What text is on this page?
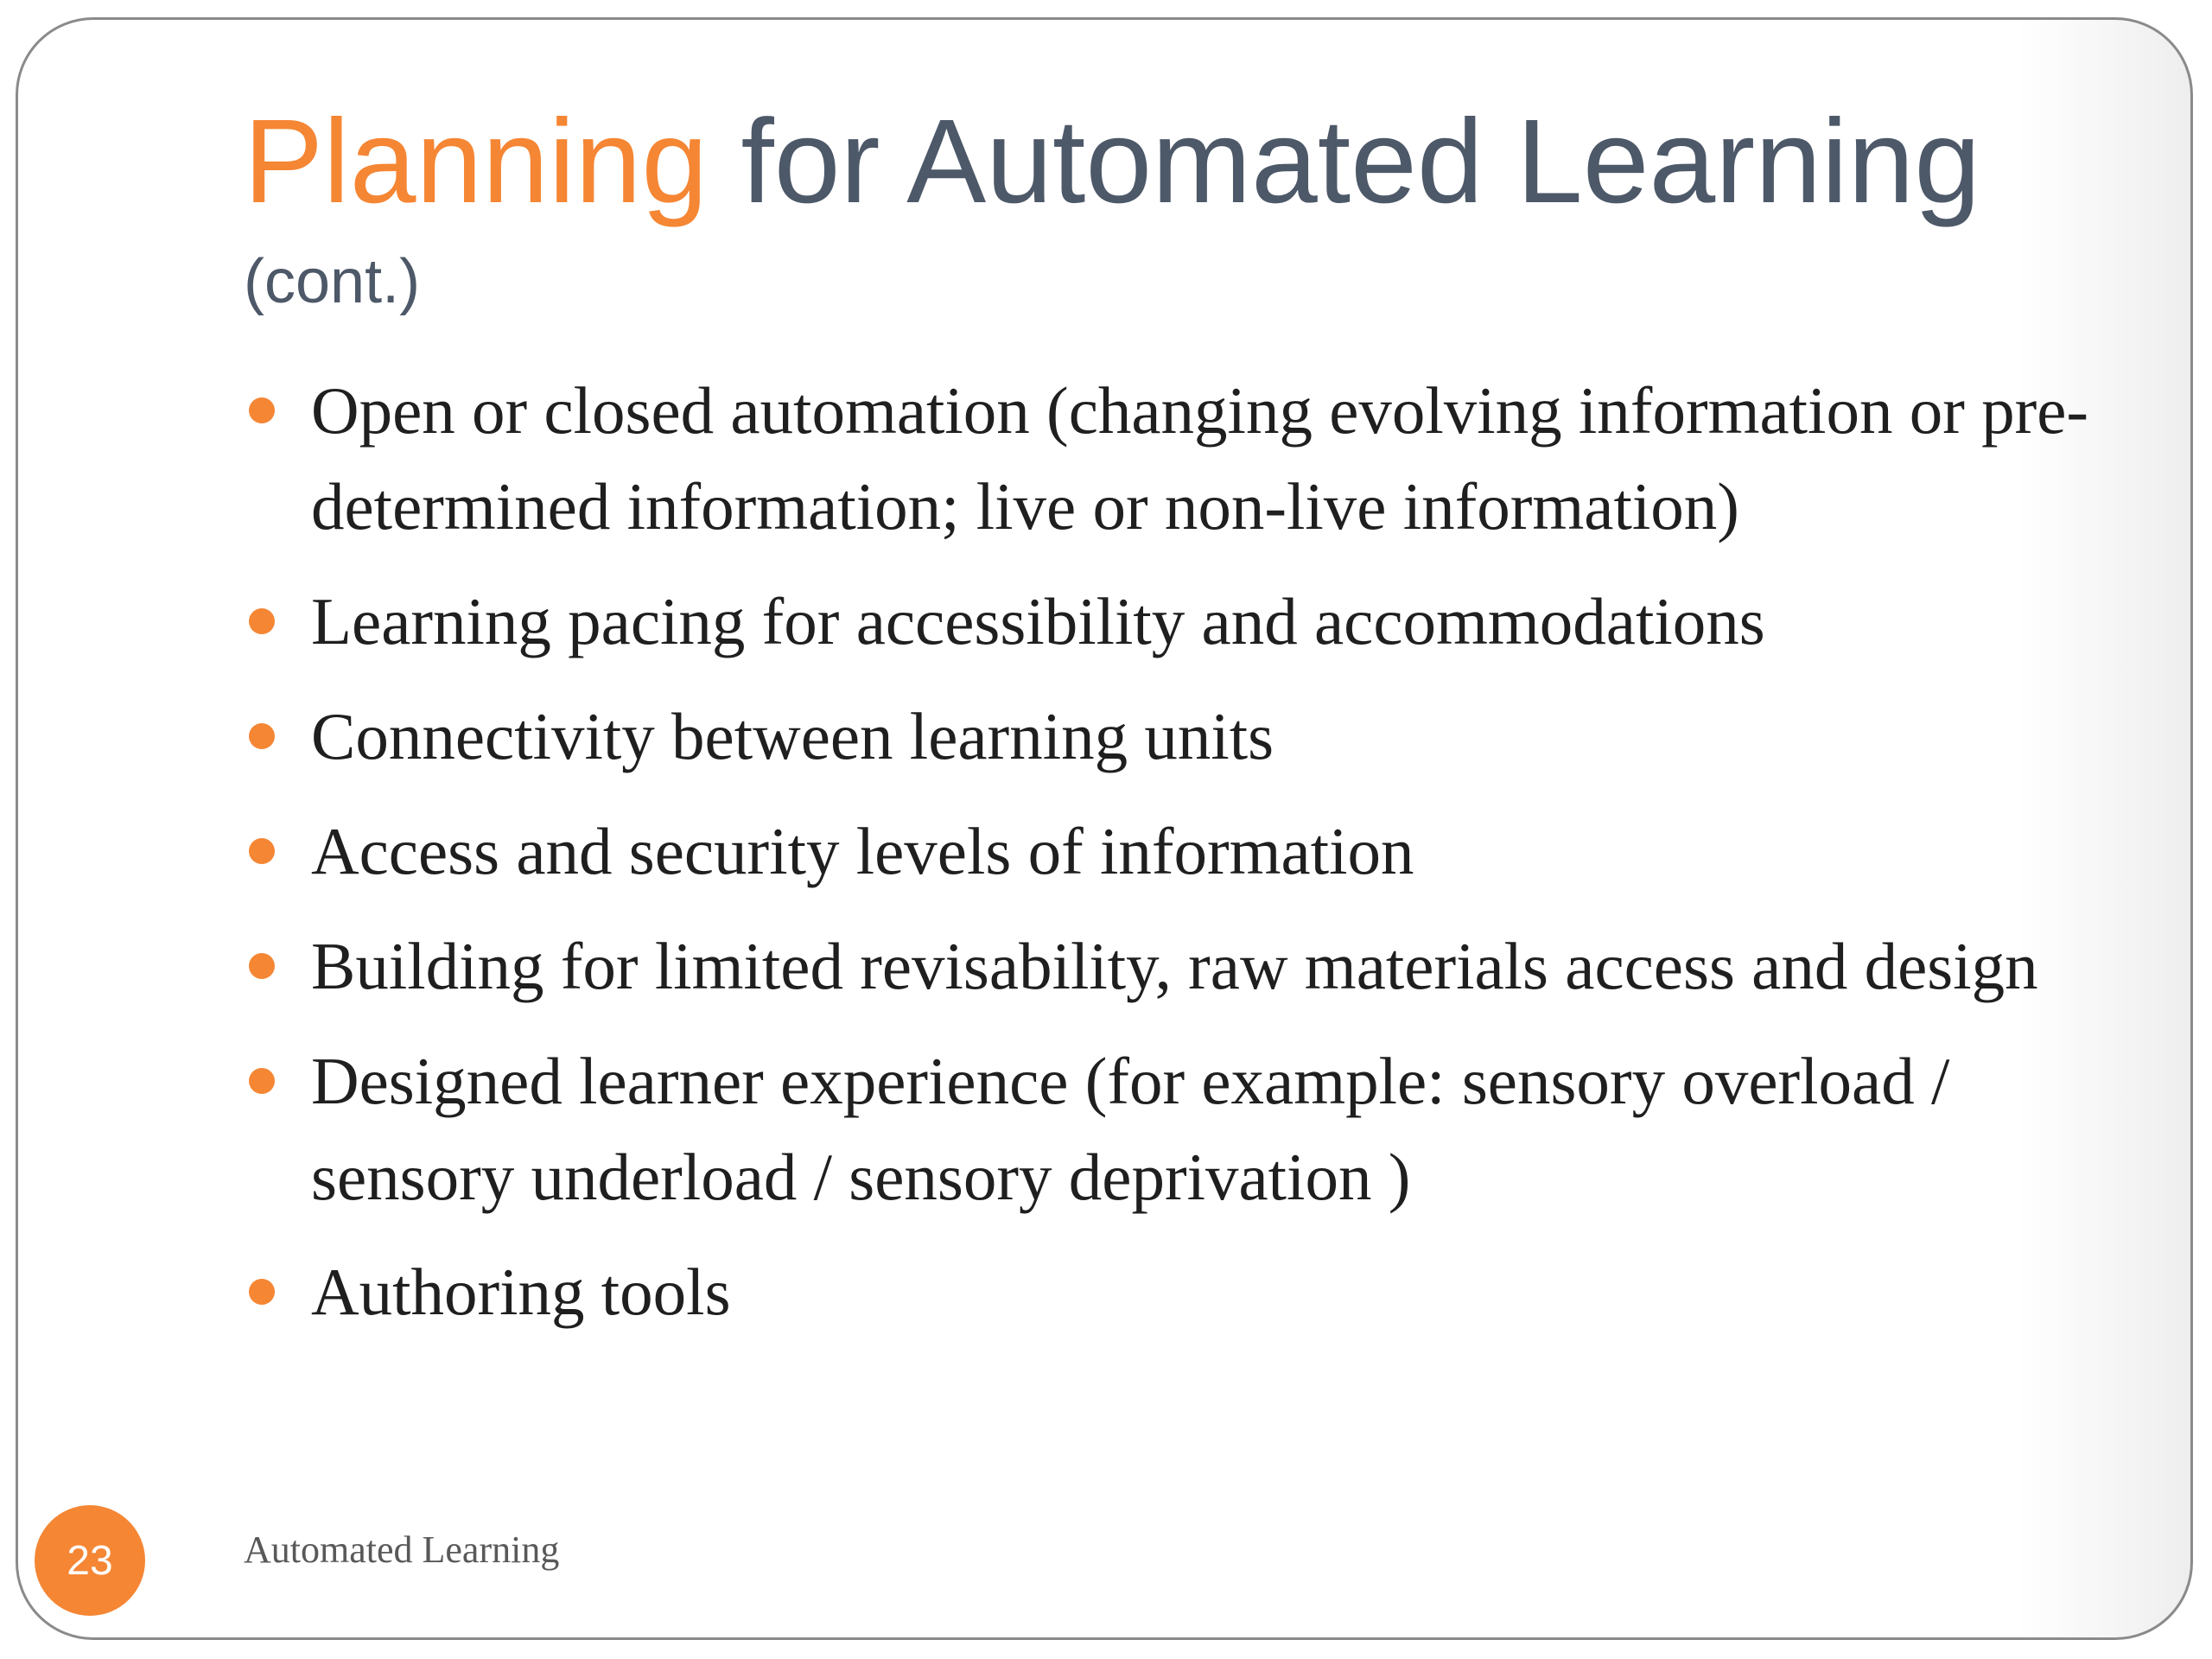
Planning for Automated Learning
(cont.)
Open or closed automation (changing evolving information or pre-determined information; live or non-live information)
Learning pacing for accessibility and accommodations
Connectivity between learning units
Access and security levels of information
Building for limited revisability, raw materials access and design
Designed learner experience (for example: sensory overload / sensory underload / sensory deprivation )
Authoring tools
23	Automated Learning
